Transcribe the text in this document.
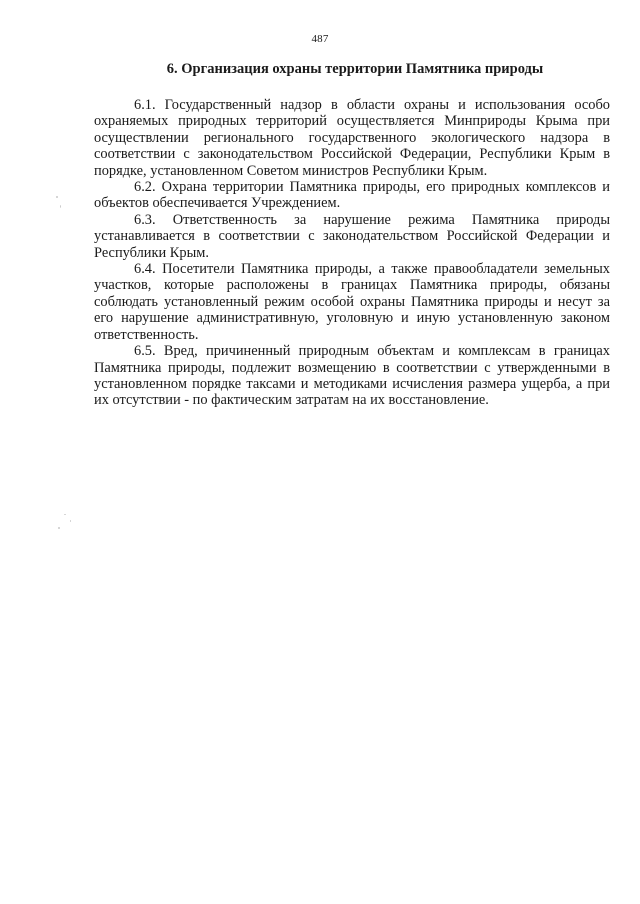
487
6. Организация охраны территории Памятника природы

6.1. Государственный надзор в области охраны и использования особо охраняемых природных территорий осуществляется Минприроды Крыма при осуществлении регионального государственного экологического надзора в соответствии с законодательством Российской Федерации, Республики Крым в порядке, установленном Советом министров Республики Крым.

6.2. Охрана территории Памятника природы, его природных комплексов и объектов обеспечивается Учреждением.

6.3. Ответственность за нарушение режима Памятника природы устанавливается в соответствии с законодательством Российской Федерации и Республики Крым.

6.4. Посетители Памятника природы, а также правообладатели земельных участков, которые расположены в границах Памятника природы, обязаны соблюдать установленный режим особой охраны Памятника природы и несут за его нарушение административную, уголовную и иную установленную законом ответственность.

6.5. Вред, причиненный природным объектам и комплексам в границах Памятника природы, подлежит возмещению в соответствии с утвержденными в установленном порядке таксами и методиками исчисления размера ущерба, а при их отсутствии - по фактическим затратам на их восстановление.
